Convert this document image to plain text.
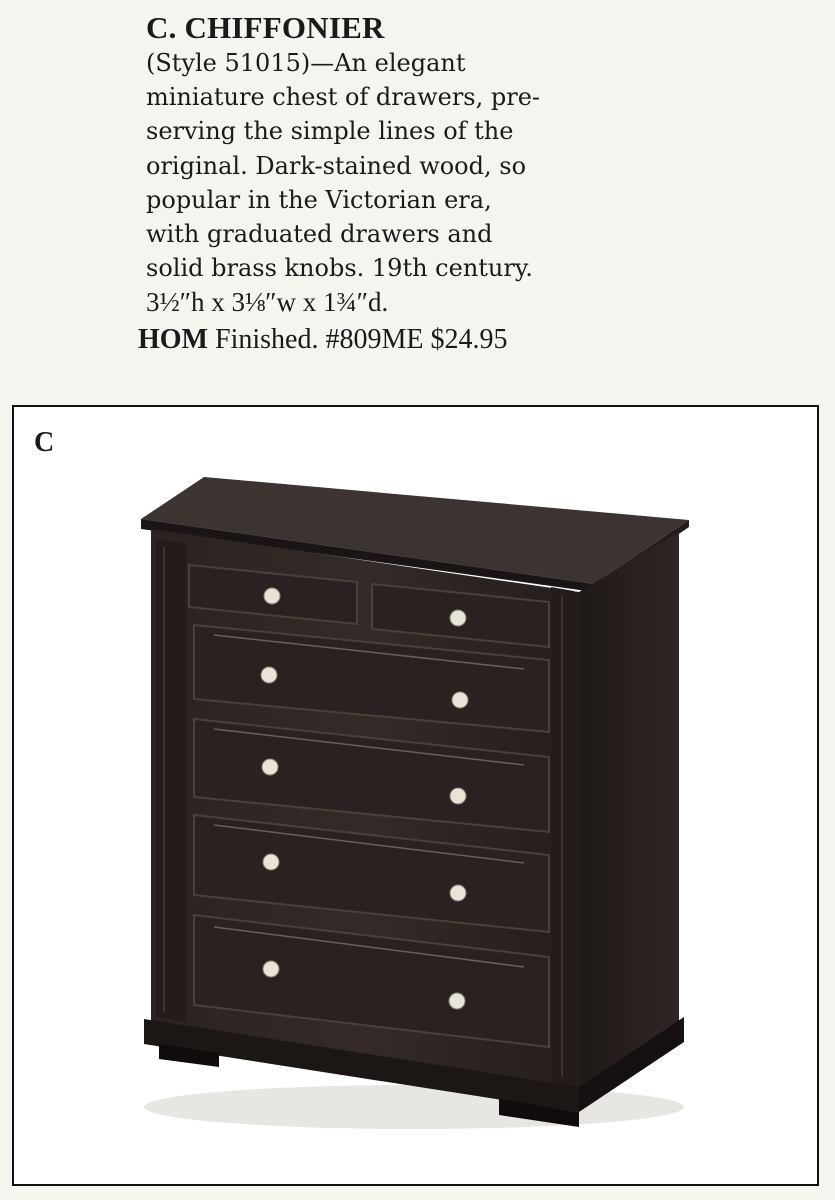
C. CHIFFONIER
(Style 51015)—An elegant
miniature chest of drawers, pre-
serving the simple lines of the
original. Dark-stained wood, so
popular in the Victorian era,
with graduated drawers and
solid brass knobs. 19th century.
3½″h x 3⅛″w x 1¾″d.
HOM Finished. #809ME $24.95
C
